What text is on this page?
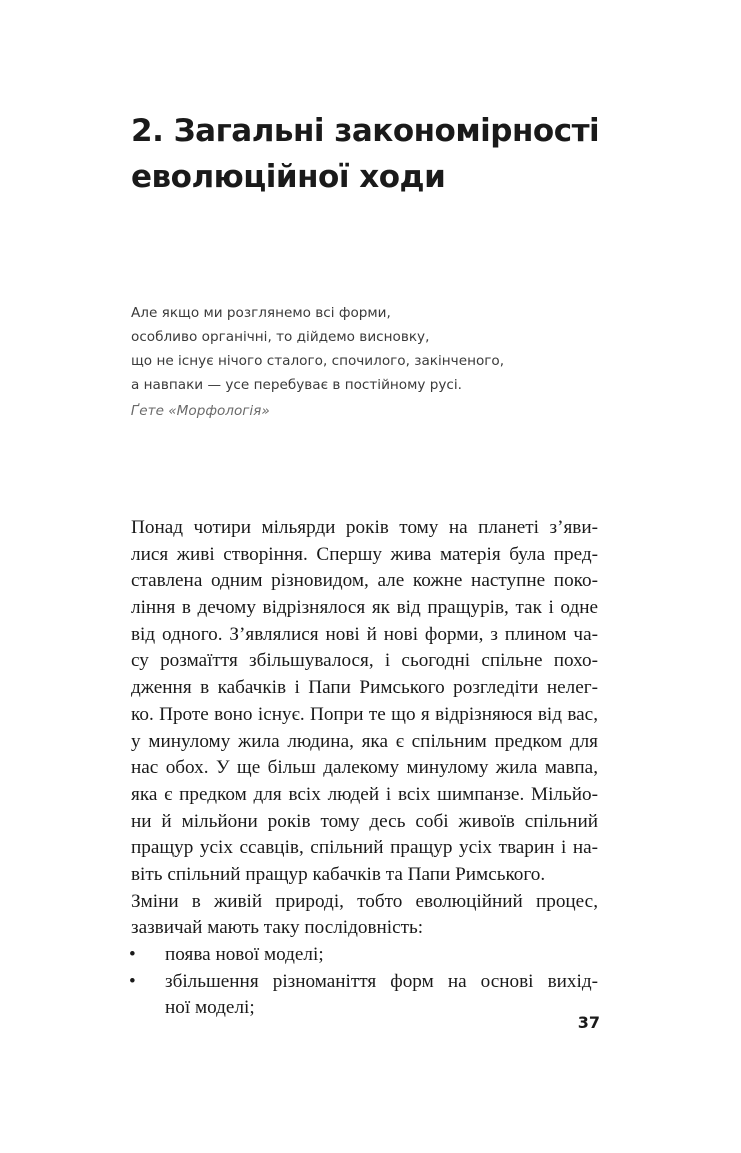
2. Загальні закономірності
еволюційної ходи
Але якщо ми розглянемо всі форми,
особливо органічні, то дійдемо висновку,
що не існує нічого сталого, спочилого, закінченого,
а навпаки — усе перебуває в постійному русі.
Ґете «Морфологія»
Понад чотири мільярди років тому на планеті з’яви-
лися живі створіння. Спершу жива матерія була пред-
ставлена одним різновидом, але кожне наступне поко-
ління в дечому відрізнялося як від пращурів, так і одне
від одного. З’являлися нові й нові форми, з плином ча-
су розмаїття збільшувалося, і сьогодні спільне похо-
дження в кабачків і Папи Римського розгледіти нелег-
ко. Проте воно існує. Попри те що я відрізняюся від вас,
у минулому жила людина, яка є спільним предком для
нас обох. У ще більш далекому минулому жила мавпа,
яка є предком для всіх людей і всіх шимпанзе. Мільйо-
ни й мільйони років тому десь собі живоїв спільний
пращур усіх ссавців, спільний пращур усіх тварин і на-
віть спільний пращур кабачків та Папи Римського.
Зміни в живій природі, тобто еволюційний процес,
зазвичай мають таку послідовність:
•	поява нової моделі;
•	збільшення різноманіття форм на основі вихід-
ної моделі;
37
